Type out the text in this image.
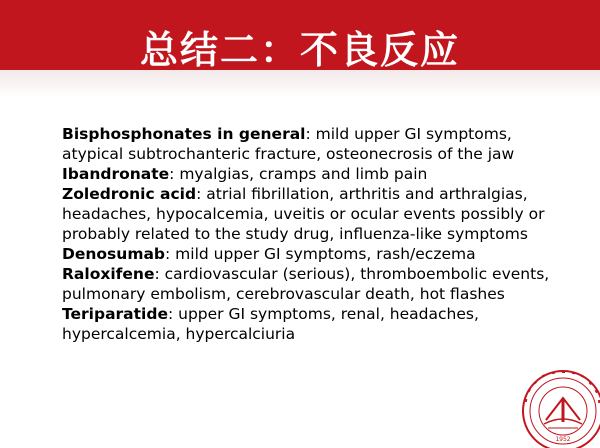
总结二：不良反应

Bisphosphonates in general: mild upper GI symptoms, atypical subtrochanteric fracture, osteonecrosis of the jaw

Ibandronate: myalgias, cramps and limb pain

Zoledronic acid: atrial fibrillation, arthritis and arthralgias, headaches, hypocalcemia, uveitis or ocular events possibly or probably related to the study drug, influenza-like symptoms

Denosumab: mild upper GI symptoms, rash/eczema

Raloxifene: cardiovascular (serious), thromboembolic events, pulmonary embolism, cerebrovascular death, hot flashes

Teriparatide: upper GI symptoms, renal, headaches, hypercalcemia, hypercalciuria

1952
